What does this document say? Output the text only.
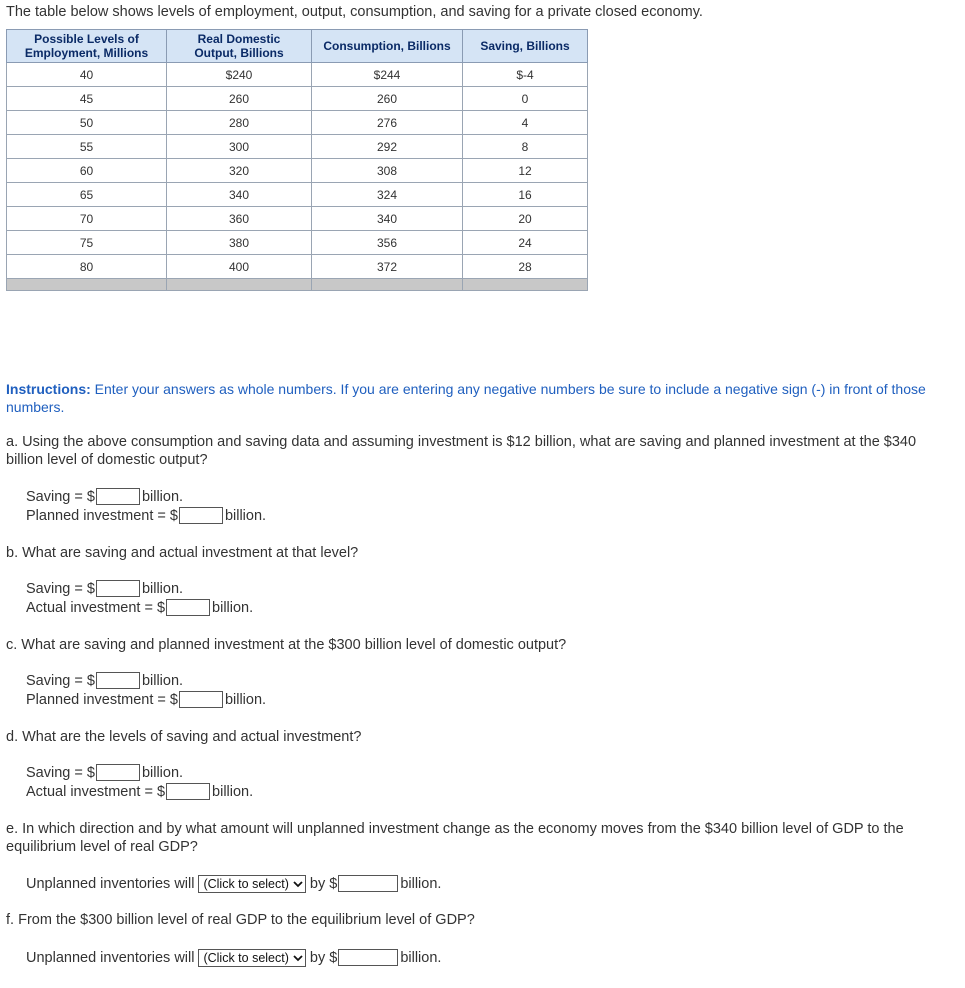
The table below shows levels of employment, output, consumption, and saving for a private closed economy.
Possible Levels of
Employment, Millions	Real Domestic
Output, Billions	Consumption, Billions	Saving, Billions
40	$240	$244	$-4
45	260	260	0
50	280	276	4
55	300	292	8
60	320	308	12
65	340	324	16
70	360	340	20
75	380	356	24
80	400	372	28

Instructions: Enter your answers as whole numbers. If you are entering any negative numbers be sure to include a negative sign (-) in front of those numbers.
a. Using the above consumption and saving data and assuming investment is $12 billion, what are saving and planned investment at the $340 billion level of domestic output?
Saving = $	billion.
Planned investment = $	billion.
b. What are saving and actual investment at that level?
Saving = $	billion.
Actual investment = $	billion.
c. What are saving and planned investment at the $300 billion level of domestic output?
Saving = $	billion.
Planned investment = $	billion.
d. What are the levels of saving and actual investment?
Saving = $	billion.
Actual investment = $	billion.
e. In which direction and by what amount will unplanned investment change as the economy moves from the $340 billion level of GDP to the equilibrium level of real GDP?
Unplanned inventories will (Click to select) by $	billion.
f. From the $300 billion level of real GDP to the equilibrium level of GDP?
Unplanned inventories will (Click to select) by $	billion.
